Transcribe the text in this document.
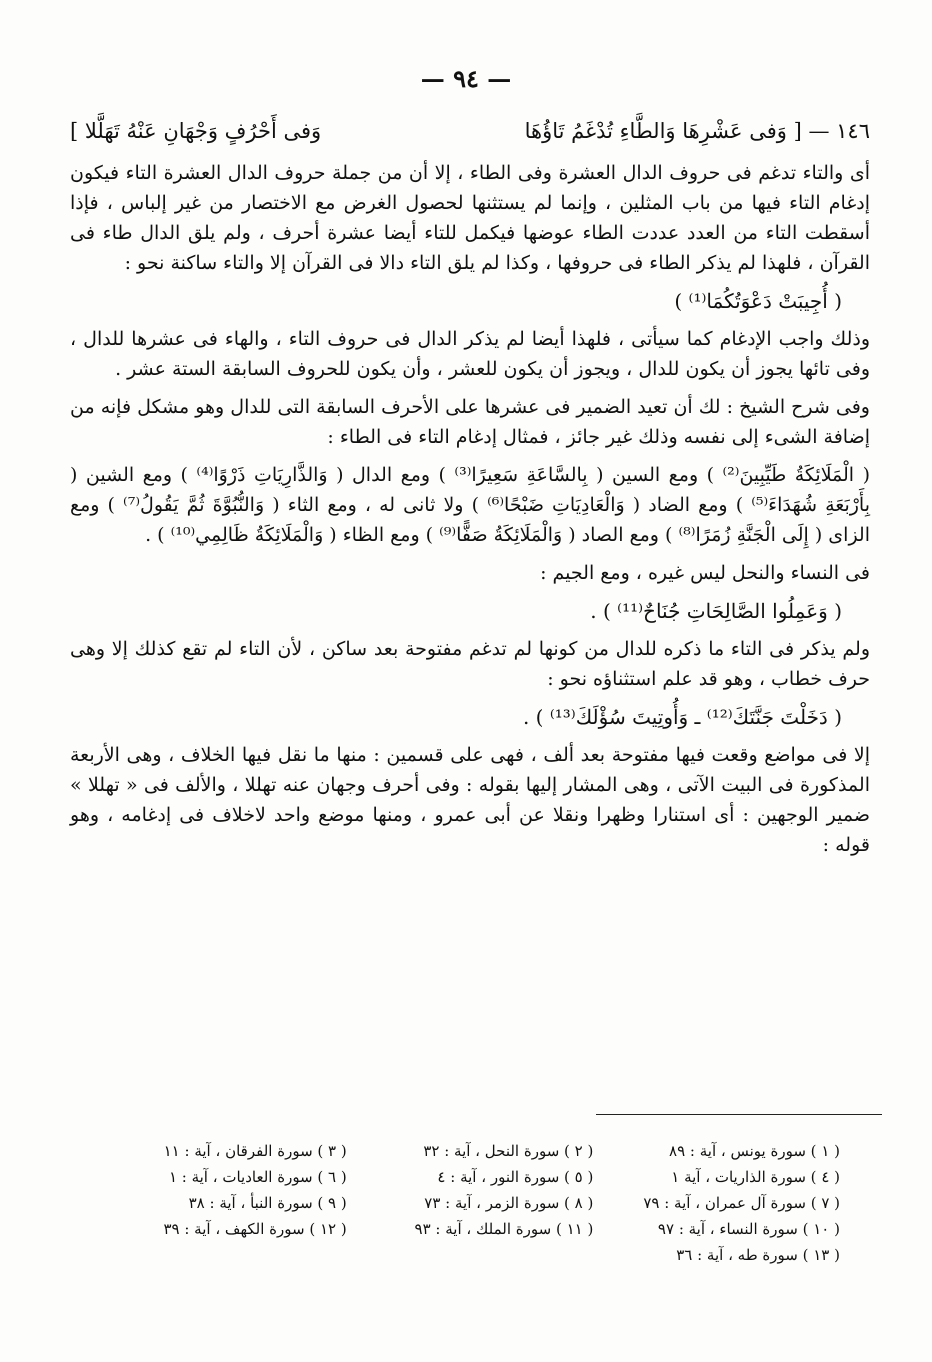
— ٩٤ —
١٤٦ — [ وَفى عَشْرِهَا وَالطَّاءِ تُدْغَمُ تَاؤُهَا
وَفى أَحْرُفٍ وَجْهَانِ عَنْهُ تَهَلَّلا ]

أى والتاء تدغم فى حروف الدال العشرة وفى الطاء ، إلا أن من جملة حروف الدال العشرة التاء فيكون إدغام التاء فيها من باب المثلين ، وإنما لم يستثنها لحصول الغرض مع الاختصار من غير إلباس ، فإذا أسقطت التاء من العدد عددت الطاء عوضها فيكمل للتاء أيضا عشرة أحرف ، ولم يلق الدال طاء فى القرآن ، فلهذا لم يذكر الطاء فى حروفها ، وكذا لم يلق التاء دالا فى القرآن إلا والتاء ساكنة نحو :

( أُجِيبَتْ دَعْوَتُكُمَا⁽¹⁾ )

وذلك واجب الإدغام كما سيأتى ، فلهذا أيضا لم يذكر الدال فى حروف التاء ، والهاء فى عشرها للدال ، وفى تائها يجوز أن يكون للدال ، ويجوز أن يكون للعشر ، وأن يكون للحروف السابقة الستة عشر .

وفى شرح الشيخ : لك أن تعيد الضمير فى عشرها على الأحرف السابقة التى للدال وهو مشكل فإنه من إضافة الشىء إلى نفسه وذلك غير جائز ، فمثال إدغام التاء فى الطاء :

( الْمَلَائِكَةُ طَيِّبِينَ⁽²⁾ ) ومع السين ( بِالسَّاعَةِ سَعِيرًا⁽³⁾ ) ومع الدال ( وَالذَّارِيَاتِ ذَرْوًا⁽⁴⁾ ) ومع الشين ( بِأَرْبَعَةِ شُهَدَاءَ⁽⁵⁾ ) ومع الضاد ( وَالْعَادِيَاتِ ضَبْحًا⁽⁶⁾ ) ولا ثانى له ، ومع الثاء ( وَالنُّبُوَّةَ ثُمَّ يَقُولُ⁽⁷⁾ ) ومع الزاى ( إِلَى الْجَنَّةِ زُمَرًا⁽⁸⁾ ) ومع الصاد ( وَالْمَلَائِكَةُ صَفًّا⁽⁹⁾ ) ومع الظاء ( وَالْمَلَائِكَةُ ظَالِمِي⁽¹⁰⁾ ) .

فى النساء والنحل ليس غيره ، ومع الجيم :

( وَعَمِلُوا الصَّالِحَاتِ جُنَاحٌ⁽¹¹⁾ ) .

ولم يذكر فى التاء ما ذكره للدال من كونها لم تدغم مفتوحة بعد ساكن ، لأن التاء لم تقع كذلك إلا وهى حرف خطاب ، وهو قد علم استثناؤه نحو :

( دَخَلْتَ جَنَّتَكَ⁽¹²⁾ ـ وَأُوتِيتَ سُؤْلَكَ⁽¹³⁾ ) .

إلا فى مواضع وقعت فيها مفتوحة بعد ألف ، فهى على قسمين : منها ما نقل فيها الخلاف ، وهى الأربعة المذكورة فى البيت الآتى ، وهى المشار إليها بقوله : وفى أحرف وجهان عنه تهللا ، والألف فى « تهللا » ضمير الوجهين : أى استنارا وظهرا ونقلا عن أبى عمرو ، ومنها موضع واحد لاخلاف فى إدغامه ، وهو قوله :

( ١ ) سورة يونس ، آية : ٨٩
( ٢ ) سورة النحل ، آية : ٣٢
( ٣ ) سورة الفرقان ، آية : ١١
( ٤ ) سورة الذاريات ، آية ١
( ٥ ) سورة النور ، آية : ٤
( ٦ ) سورة العاديات ، آية : ١
( ٧ ) سورة آل عمران ، آية : ٧٩
( ٨ ) سورة الزمر ، آية : ٧٣
( ٩ ) سورة النبأ ، آية : ٣٨
( ١٠ ) سورة النساء ، آية : ٩٧
( ١١ ) سورة الملك ، آية : ٩٣
( ١٢ ) سورة الكهف ، آية : ٣٩
( ١٣ ) سورة طه ، آية : ٣٦
